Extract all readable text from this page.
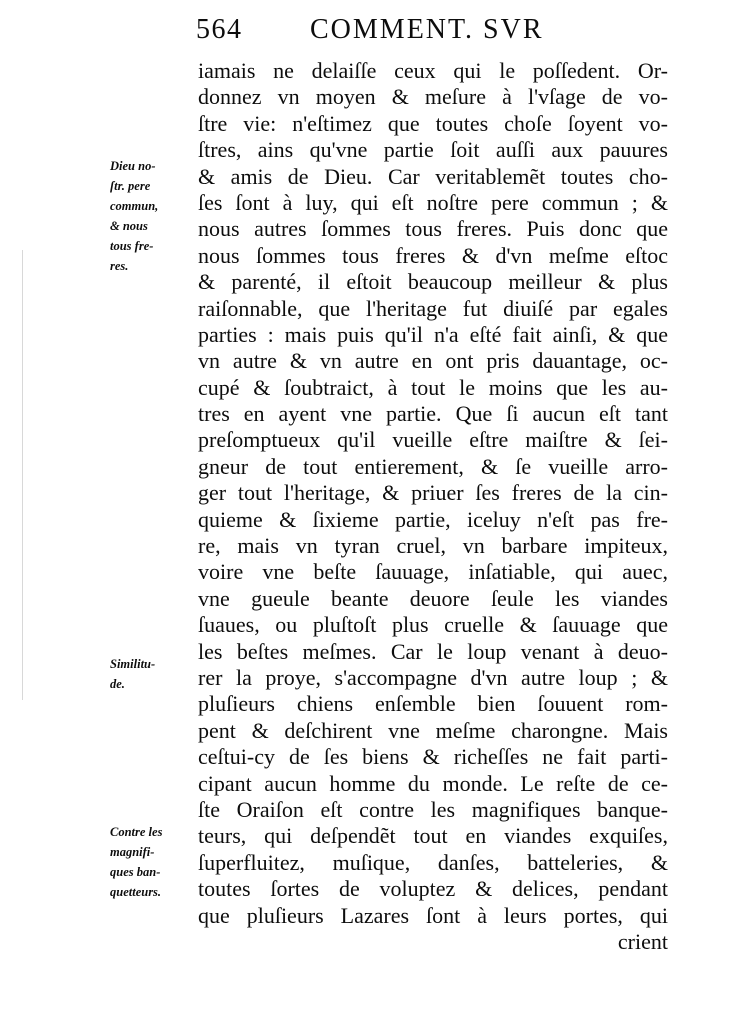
564 COMMENT. SVR
Dieu no-
ſtr. pere
commun,
& nous
tous fre-
res.
Similitu-
de.
Contre les
magnifi-
ques ban-
quetteurs.
iamais ne delaiſſe ceux qui le poſſedent. Or-
donnez vn moyen & meſure à l'vſage de vo-
ſtre vie: n'eſtimez que toutes choſe ſoyent vo-
ſtres, ains qu'vne partie ſoit auſſi aux pauures
& amis de Dieu. Car veritablemẽt toutes cho-
ſes ſont à luy, qui eſt noſtre pere commun ; &
nous autres ſommes tous freres. Puis donc que
nous ſommes tous freres & d'vn meſme eſtoc
& parenté, il eſtoit beaucoup meilleur & plus
raiſonnable, que l'heritage fut diuiſé par egales
parties : mais puis qu'il n'a eſté fait ainſi, & que
vn autre & vn autre en ont pris dauantage, oc-
cupé & ſoubtraict, à tout le moins que les au-
tres en ayent vne partie. Que ſi aucun eſt tant
preſomptueux qu'il vueille eſtre maiſtre & ſei-
gneur de tout entierement, & ſe vueille arro-
ger tout l'heritage, & priuer ſes freres de la cin-
quieme & ſixieme partie, iceluy n'eſt pas fre-
re, mais vn tyran cruel, vn barbare impiteux,
voire vne beſte ſauuage, inſatiable, qui auec,
vne gueule beante deuore ſeule les viandes
ſuaues, ou pluſtoſt plus cruelle & ſauuage que
les beſtes meſmes. Car le loup venant à deuo-
rer la proye, s'accompagne d'vn autre loup ; &
pluſieurs chiens enſemble bien ſouuent rom-
pent & deſchirent vne meſme charongne. Mais
ceſtui-cy de ſes biens & richeſſes ne fait parti-
cipant aucun homme du monde. Le reſte de ce-
ſte Oraiſon eſt contre les magnifiques banque-
teurs, qui deſpendẽt tout en viandes exquiſes,
ſuperfluitez, muſique, danſes, batteleries, &
toutes ſortes de voluptez & delices, pendant
que pluſieurs Lazares ſont à leurs portes, qui
crient
